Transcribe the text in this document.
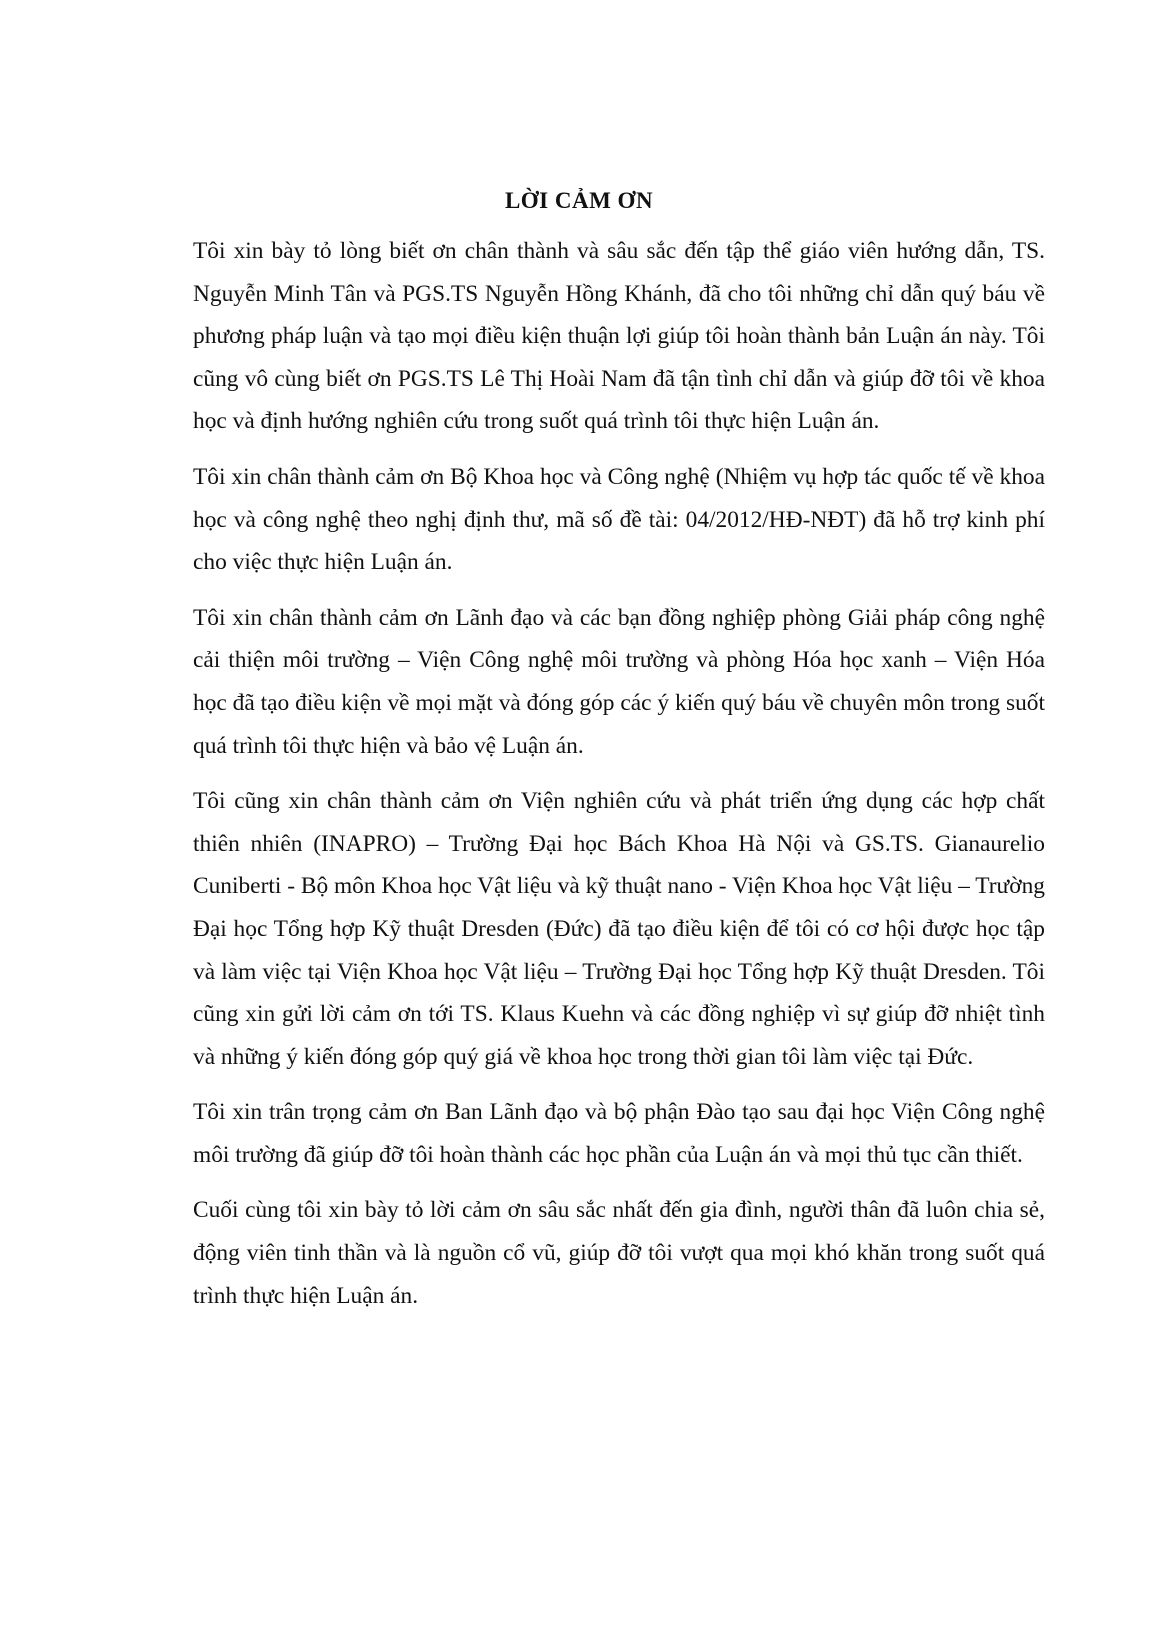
LỜI CẢM ƠN

Tôi xin bày tỏ lòng biết ơn chân thành và sâu sắc đến tập thể giáo viên hướng dẫn, TS. Nguyễn Minh Tân và PGS.TS Nguyễn Hồng Khánh, đã cho tôi những chỉ dẫn quý báu về phương pháp luận và tạo mọi điều kiện thuận lợi giúp tôi hoàn thành bản Luận án này. Tôi cũng vô cùng biết ơn PGS.TS Lê Thị Hoài Nam đã tận tình chỉ dẫn và giúp đỡ tôi về khoa học và định hướng nghiên cứu trong suốt quá trình tôi thực hiện Luận án.

Tôi xin chân thành cảm ơn Bộ Khoa học và Công nghệ (Nhiệm vụ hợp tác quốc tế về khoa học và công nghệ theo nghị định thư, mã số đề tài: 04/2012/HĐ-NĐT) đã hỗ trợ kinh phí cho việc thực hiện Luận án.

Tôi xin chân thành cảm ơn Lãnh đạo và các bạn đồng nghiệp phòng Giải pháp công nghệ cải thiện môi trường – Viện Công nghệ môi trường và phòng Hóa học xanh – Viện Hóa học đã tạo điều kiện về mọi mặt và đóng góp các ý kiến quý báu về chuyên môn trong suốt quá trình tôi thực hiện và bảo vệ Luận án.

Tôi cũng xin chân thành cảm ơn Viện nghiên cứu và phát triển ứng dụng các hợp chất thiên nhiên (INAPRO) – Trường Đại học Bách Khoa Hà Nội và GS.TS. Gianaurelio Cuniberti - Bộ môn Khoa học Vật liệu và kỹ thuật nano - Viện Khoa học Vật liệu – Trường Đại học Tổng hợp Kỹ thuật Dresden (Đức) đã tạo điều kiện để tôi có cơ hội được học tập và làm việc tại Viện Khoa học Vật liệu – Trường Đại học Tổng hợp Kỹ thuật Dresden. Tôi cũng xin gửi lời cảm ơn tới TS. Klaus Kuehn và các đồng nghiệp vì sự giúp đỡ nhiệt tình và những ý kiến đóng góp quý giá về khoa học trong thời gian tôi làm việc tại Đức.

Tôi xin trân trọng cảm ơn Ban Lãnh đạo và bộ phận Đào tạo sau đại học Viện Công nghệ môi trường đã giúp đỡ tôi hoàn thành các học phần của Luận án và mọi thủ tục cần thiết.

Cuối cùng tôi xin bày tỏ lời cảm ơn sâu sắc nhất đến gia đình, người thân đã luôn chia sẻ, động viên tinh thần và là nguồn cổ vũ, giúp đỡ tôi vượt qua mọi khó khăn trong suốt quá trình thực hiện Luận án.
